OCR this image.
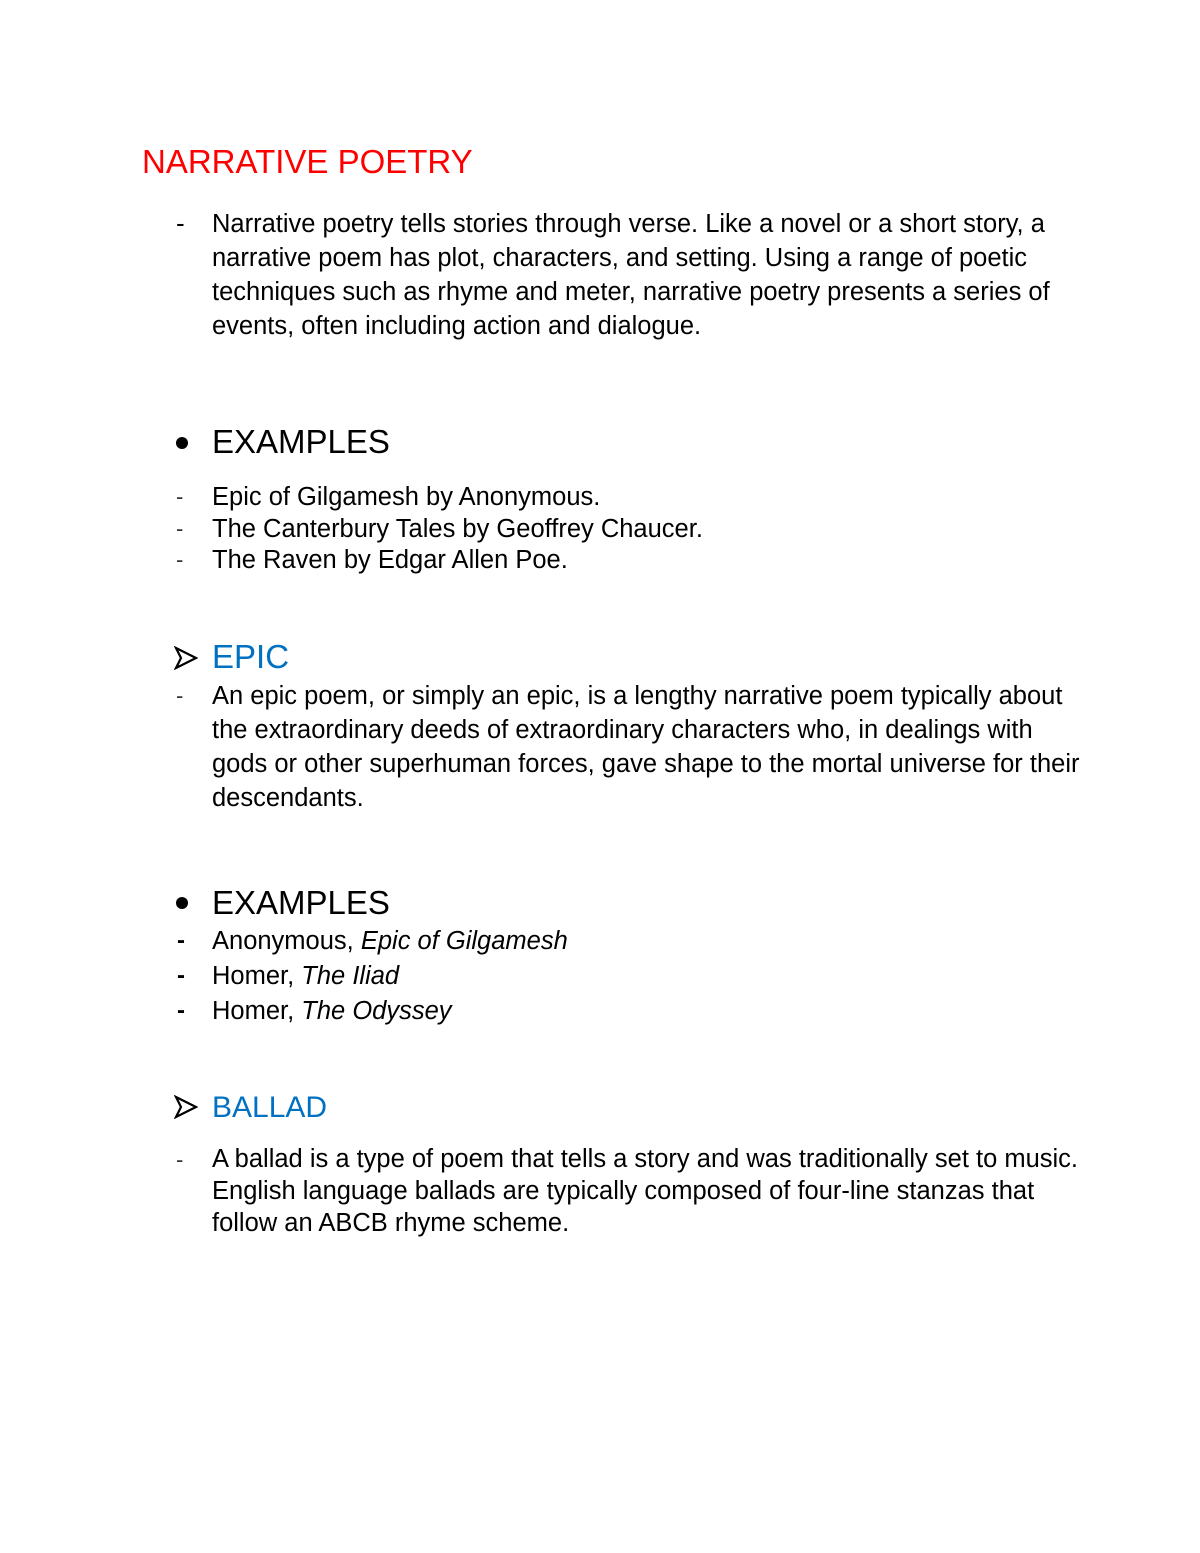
NARRATIVE POETRY
- Narrative poetry tells stories through verse. Like a novel or a short story, a narrative poem has plot, characters, and setting. Using a range of poetic techniques such as rhyme and meter, narrative poetry presents a series of events, often including action and dialogue.
EXAMPLES
- Epic of Gilgamesh by Anonymous.
- The Canterbury Tales by Geoffrey Chaucer.
- The Raven by Edgar Allen Poe.
EPIC
- An epic poem, or simply an epic, is a lengthy narrative poem typically about the extraordinary deeds of extraordinary characters who, in dealings with gods or other superhuman forces, gave shape to the mortal universe for their descendants.
EXAMPLES
- Anonymous, Epic of Gilgamesh
- Homer, The Iliad
- Homer, The Odyssey
BALLAD
- A ballad is a type of poem that tells a story and was traditionally set to music. English language ballads are typically composed of four-line stanzas that follow an ABCB rhyme scheme.
